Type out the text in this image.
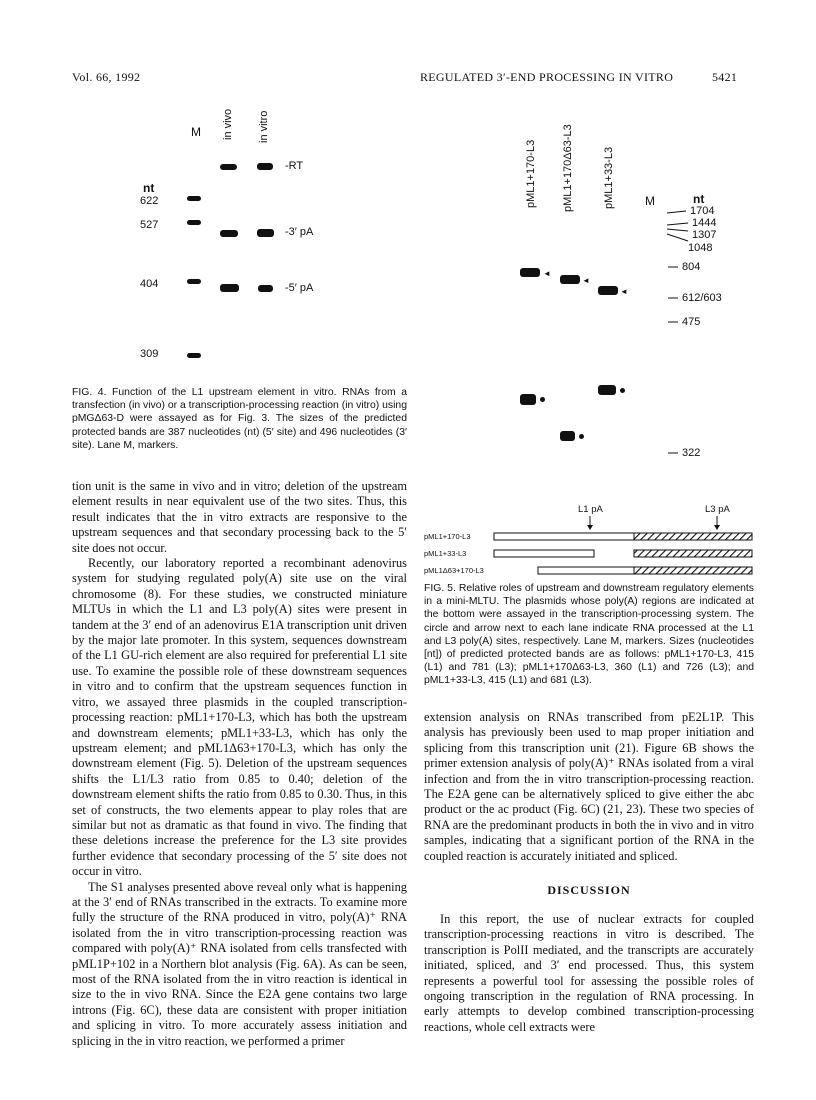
Vol. 66, 1992	REGULATED 3′-END PROCESSING IN VITRO	5421
M in vivo in vitro
nt
622
527
404
309
-RT
-3′ pA
-5′ pA
FIG. 4. Function of the L1 upstream element in vitro. RNAs from a transfection (in vivo) or a transcription-processing reaction (in vitro) using pMGΔ63-D were assayed as for Fig. 3. The sizes of the predicted protected bands are 387 nucleotides (nt) (5′ site) and 496 nucleotides (3′ site). Lane M, markers.
pML1+170-L3 pML1+170Δ63-L3	pML1+33-L3	M	nt
1704
1444
1307
1048
804
612/603
475
322
◄
◄
◄
L1 pA	L3 pA
pML1+170-L3
pML1+33-L3
pML1Δ63+170-L3
FIG. 5. Relative roles of upstream and downstream regulatory elements in a mini-MLTU. The plasmids whose poly(A) regions are indicated at the bottom were assayed in the transcription-processing system. The circle and arrow next to each lane indicate RNA processed at the L1 and L3 poly(A) sites, respectively. Lane M, markers. Sizes (nucleotides [nt]) of predicted protected bands are as follows: pML1+170-L3, 415 (L1) and 781 (L3); pML1+170Δ63-L3, 360 (L1) and 726 (L3); and pML1+33-L3, 415 (L1) and 681 (L3).

tion unit is the same in vivo and in vitro; deletion of the upstream element results in near equivalent use of the two sites. Thus, this result indicates that the in vitro extracts are responsive to the upstream sequences and that secondary processing back to the 5′ site does not occur.

Recently, our laboratory reported a recombinant adenovirus system for studying regulated poly(A) site use on the viral chromosome (8). For these studies, we constructed miniature MLTUs in which the L1 and L3 poly(A) sites were present in tandem at the 3′ end of an adenovirus E1A transcription unit driven by the major late promoter. In this system, sequences downstream of the L1 GU-rich element are also required for preferential L1 site use. To examine the possible role of these downstream sequences in vitro and to confirm that the upstream sequences function in vitro, we assayed three plasmids in the coupled transcription-processing reaction: pML1+170-L3, which has both the upstream and downstream elements; pML1+33-L3, which has only the upstream element; and pML1Δ63+170-L3, which has only the downstream element (Fig. 5). Deletion of the upstream sequences shifts the L1/L3 ratio from 0.85 to 0.40; deletion of the downstream element shifts the ratio from 0.85 to 0.30. Thus, in this set of constructs, the two elements appear to play roles that are similar but not as dramatic as that found in vivo. The finding that these deletions increase the preference for the L3 site provides further evidence that secondary processing of the 5′ site does not occur in vitro.

The S1 analyses presented above reveal only what is happening at the 3′ end of RNAs transcribed in the extracts. To examine more fully the structure of the RNA produced in vitro, poly(A)⁺ RNA isolated from the in vitro transcription-processing reaction was compared with poly(A)⁺ RNA isolated from cells transfected with pML1P+102 in a Northern blot analysis (Fig. 6A). As can be seen, most of the RNA isolated from the in vitro reaction is identical in size to the in vivo RNA. Since the E2A gene contains two large introns (Fig. 6C), these data are consistent with proper initiation and splicing in vitro. To more accurately assess initiation and splicing in the in vitro reaction, we performed a primer

extension analysis on RNAs transcribed from pE2L1P. This analysis has previously been used to map proper initiation and splicing from this transcription unit (21). Figure 6B shows the primer extension analysis of poly(A)⁺ RNAs isolated from a viral infection and from the in vitro transcription-processing reaction. The E2A gene can be alternatively spliced to give either the abc product or the ac product (Fig. 6C) (21, 23). These two species of RNA are the predominant products in both the in vivo and in vitro samples, indicating that a significant portion of the RNA in the coupled reaction is accurately initiated and spliced.

DISCUSSION

In this report, the use of nuclear extracts for coupled transcription-processing reactions in vitro is described. The transcription is PolII mediated, and the transcripts are accurately initiated, spliced, and 3′ end processed. Thus, this system represents a powerful tool for assessing the possible roles of ongoing transcription in the regulation of RNA processing. In early attempts to develop combined transcription-processing reactions, whole cell extracts were
